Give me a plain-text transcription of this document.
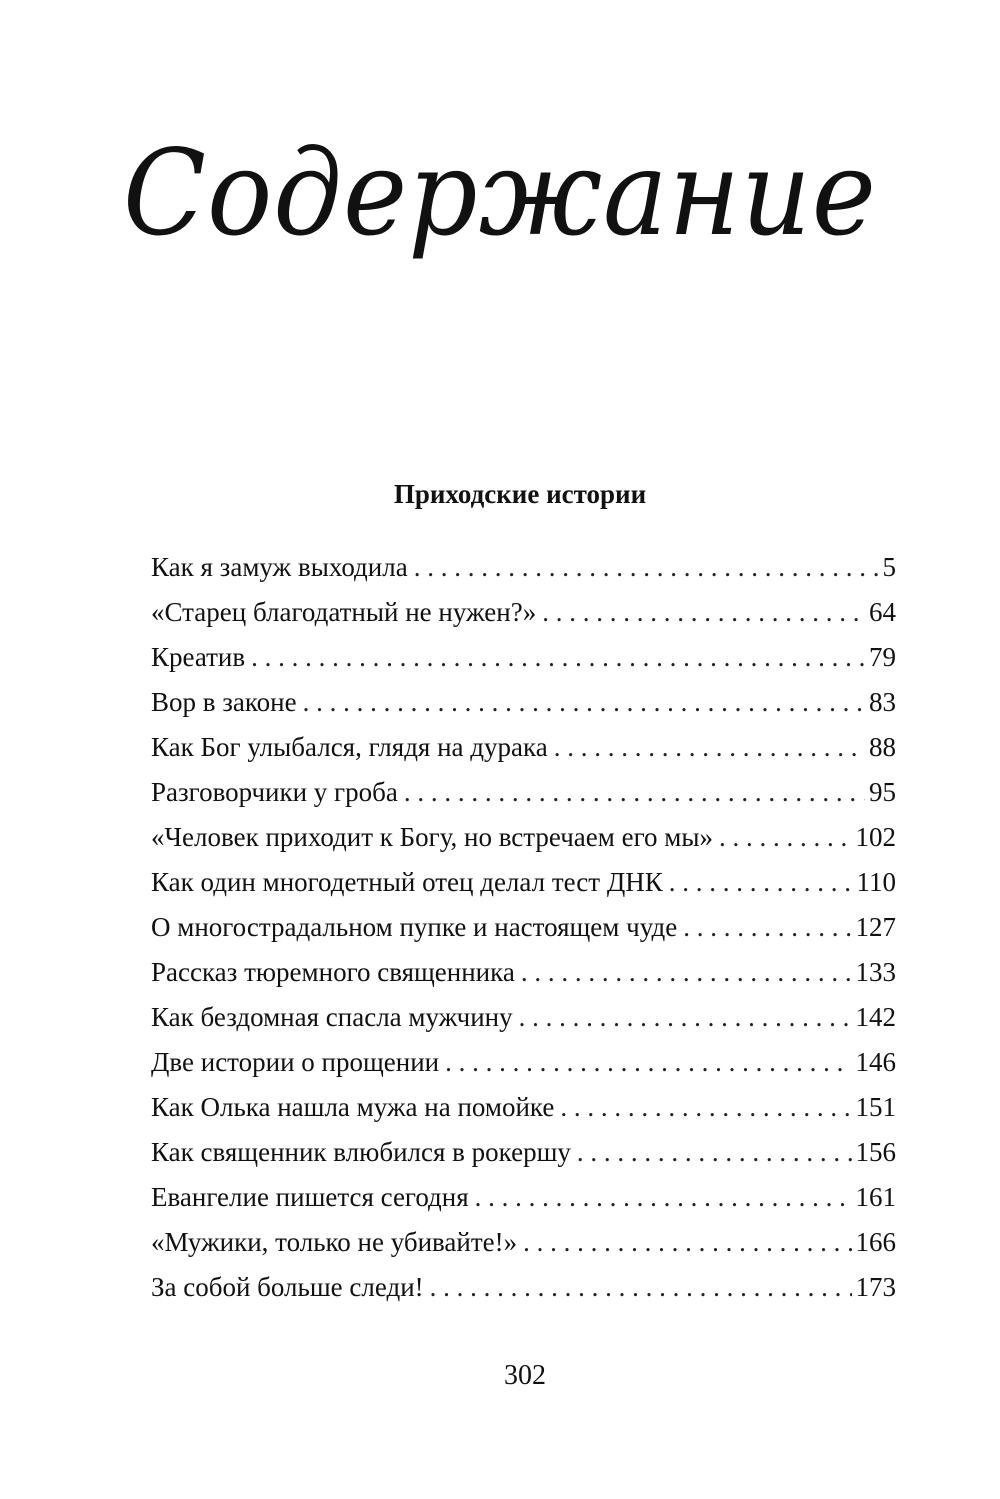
Содержание
Приходские истории
Как я замуж выходила . . .	5
«Старец благодатный не нужен?» . . .	64
Креатив . . .	79
Вор в законе . . .	83
Как Бог улыбался, глядя на дурака . . .	88
Разговорчики у гроба . . .	95
«Человек приходит к Богу, но встречаем его мы» . . .	102
Как один многодетный отец делал тест ДНК . . .	110
О многострадальном пупке и настоящем чуде . . .	127
Рассказ тюремного священника . . .	133
Как бездомная спасла мужчину . . .	142
Две истории о прощении . . .	146
Как Олька нашла мужа на помойке . . .	151
Как священник влюбился в рокершу . . .	156
Евангелие пишется сегодня . . .	161
«Мужики, только не убивайте!» . . .	166
За собой больше следи! . . .	173
302
